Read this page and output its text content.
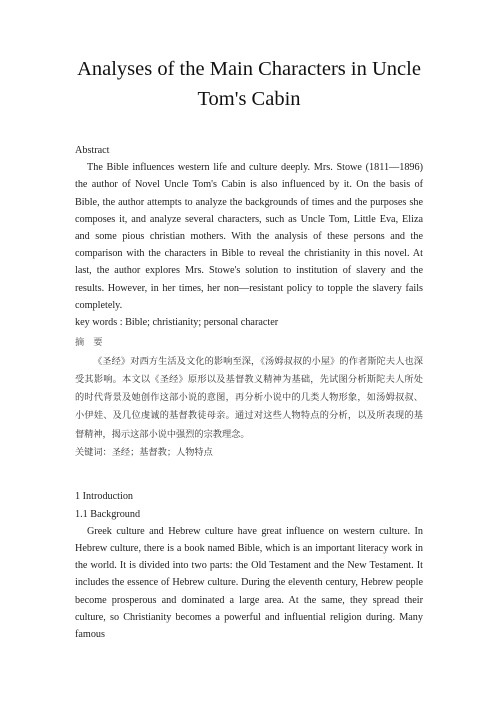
Analyses of the Main Characters in Uncle
Tom's Cabin
Abstract

The Bible influences western life and culture deeply. Mrs. Stowe (1811—1896) the author of Novel Uncle Tom's Cabin is also influenced by it. On the basis of Bible, the author attempts to analyze the backgrounds of times and the purposes she composes it, and analyze several characters, such as Uncle Tom, Little Eva, Eliza and some pious christian mothers. With the analysis of these persons and the comparison with the characters in Bible to reveal the christianity in this novel. At last, the author explores Mrs. Stowe's solution to institution of slavery and the results. However, in her times, her non—resistant policy to topple the slavery fails completely.

key words : Bible; christianity; personal character

摘　要

《圣经》对西方生活及文化的影响至深，《汤姆叔叔的小屋》的作者斯陀夫人也深受其影响。本文以《圣经》原形以及基督教义精神为基础，先试图分析斯陀夫人所处的时代背景及她创作这部小说的意图，再分析小说中的几类人物形象，如汤姆叔叔、小伊娃、及几位虔诚的基督教徒母亲。通过对这些人物特点的分析，以及所表现的基督精神，揭示这部小说中强烈的宗教理念。

关键词：圣经；基督教；人物特点

1 Introduction
1.1 Background

Greek culture and Hebrew culture have great influence on western culture. In Hebrew culture, there is a book named Bible, which is an important literacy work in the world. It is divided into two parts: the Old Testament and the New Testament. It includes the essence of Hebrew culture. During the eleventh century, Hebrew people become prosperous and dominated a large area. At the same, they spread their culture, so Christianity becomes a powerful and influential religion during. Many famous
